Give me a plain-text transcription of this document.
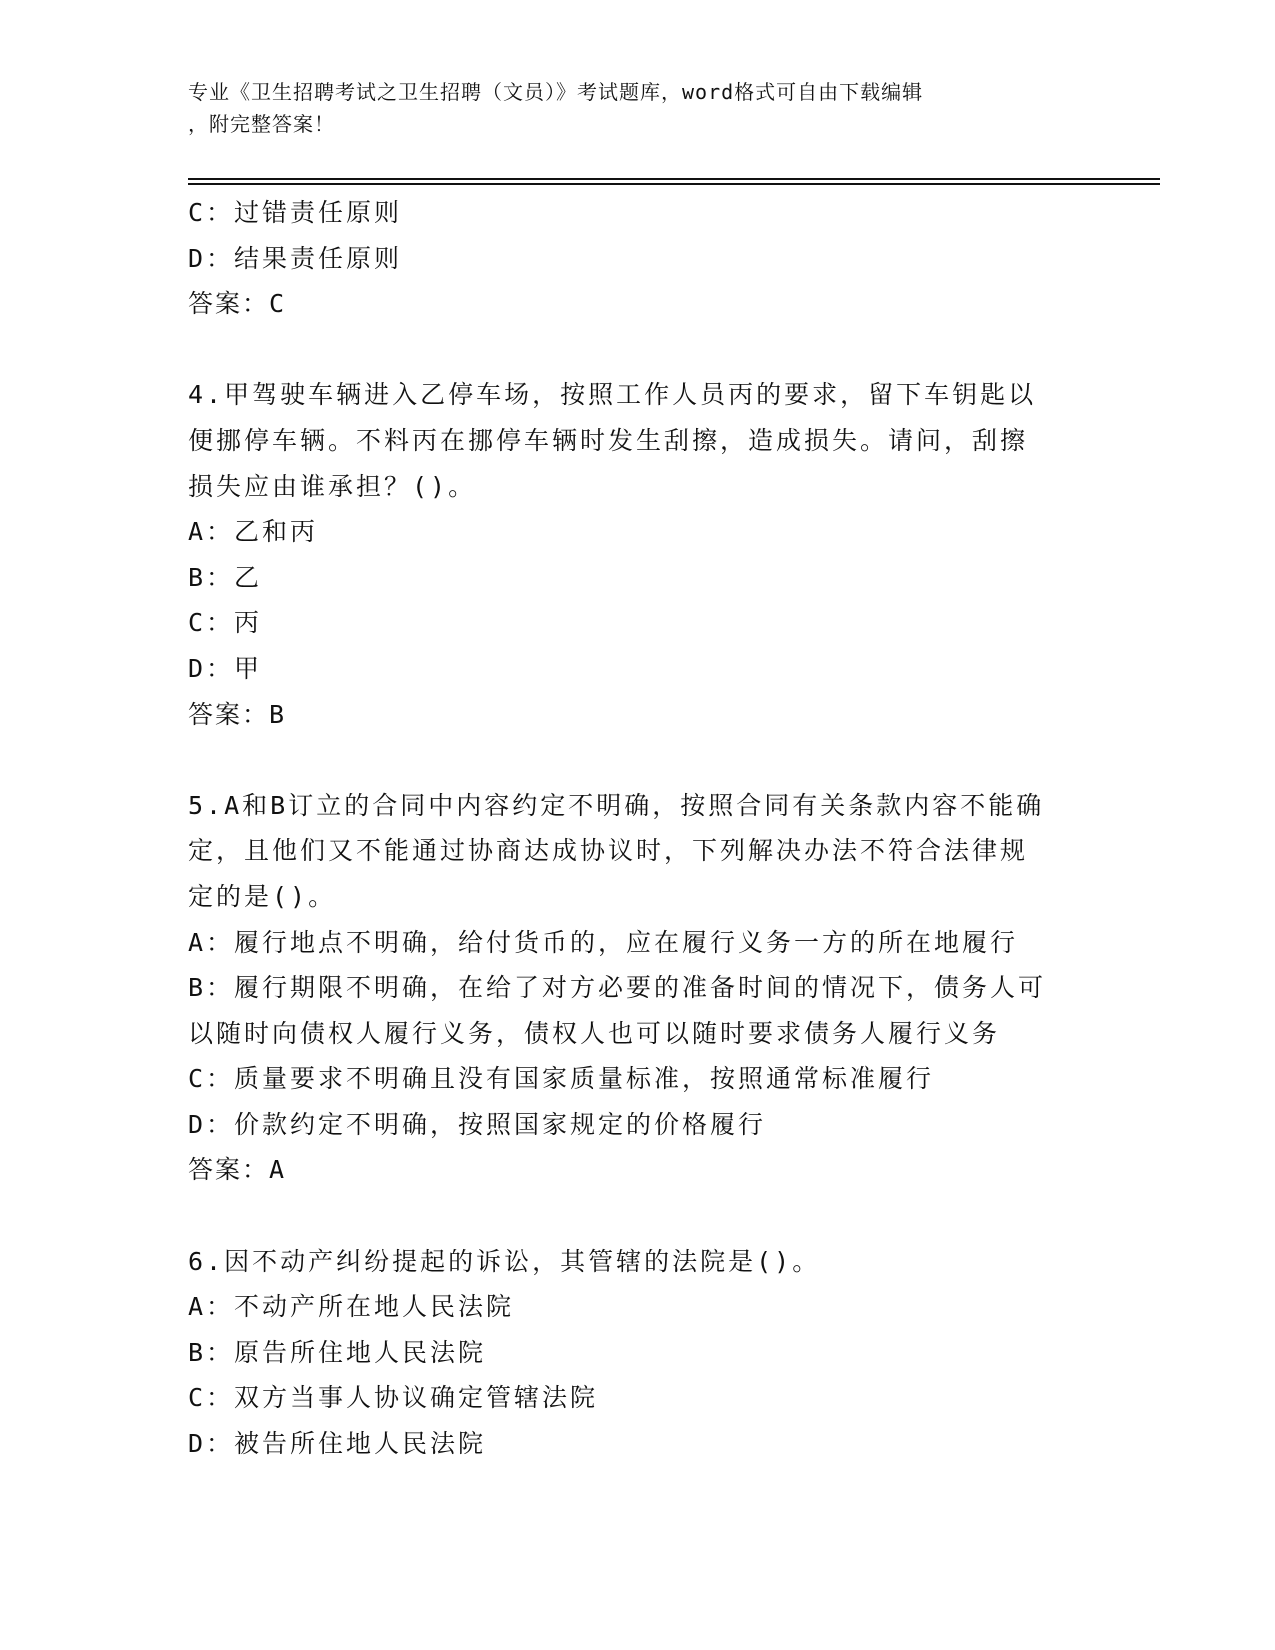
专业《卫生招聘考试之卫生招聘（文员）》考试题库，word格式可自由下载编辑
，附完整答案！
C：过错责任原则
D：结果责任原则
答案：C
4.甲驾驶车辆进入乙停车场，按照工作人员丙的要求，留下车钥匙以
便挪停车辆。不料丙在挪停车辆时发生刮擦，造成损失。请问，刮擦
损失应由谁承担？()。
A：乙和丙
B：乙
C：丙
D：甲
答案：B
5.A和B订立的合同中内容约定不明确，按照合同有关条款内容不能确
定，且他们又不能通过协商达成协议时，下列解决办法不符合法律规
定的是()。
A：履行地点不明确，给付货币的，应在履行义务一方的所在地履行
B：履行期限不明确，在给了对方必要的准备时间的情况下，债务人可
以随时向债权人履行义务，债权人也可以随时要求债务人履行义务
C：质量要求不明确且没有国家质量标准，按照通常标准履行
D：价款约定不明确，按照国家规定的价格履行
答案：A
6.因不动产纠纷提起的诉讼，其管辖的法院是()。
A：不动产所在地人民法院
B：原告所住地人民法院
C：双方当事人协议确定管辖法院
D：被告所住地人民法院
